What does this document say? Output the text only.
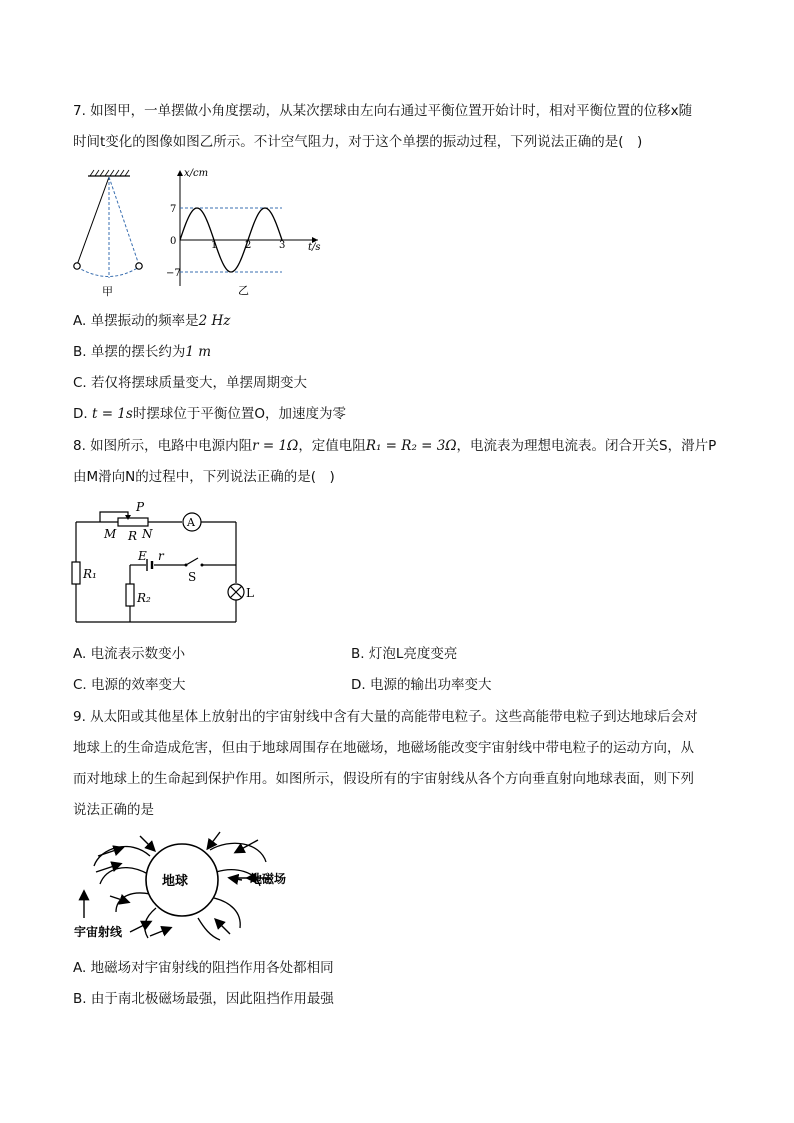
7. 如图甲，一单摆做小角度摆动，从某次摆球由左向右通过平衡位置开始计时，相对平衡位置的位移x随
时间t变化的图像如图乙所示。不计空气阻力，对于这个单摆的振动过程，下列说法正确的是(　)
甲
x/cm
t/s
0	1	2	3
7
−7
乙
A. 单摆振动的频率是2 Hz
B. 单摆的摆长约为1 m
C. 若仅将摆球质量变大，单摆周期变大
D. t = 1s时摆球位于平衡位置O，加速度为零
8. 如图所示，电路中电源内阻r = 1Ω，定值电阻R₁ = R₂ = 3Ω，电流表为理想电流表。闭合开关S，滑片P
由M滑向N的过程中，下列说法正确的是(　)
P
M R N
A
E r
S
L
R₁
R₂
A. 电流表示数变小	B. 灯泡L亮度变亮
C. 电源的效率变大	D. 电源的输出功率变大
9. 从太阳或其他星体上放射出的宇宙射线中含有大量的高能带电粒子。这些高能带电粒子到达地球后会对
地球上的生命造成危害，但由于地球周围存在地磁场，地磁场能改变宇宙射线中带电粒子的运动方向，从
而对地球上的生命起到保护作用。如图所示，假设所有的宇宙射线从各个方向垂直射向地球表面，则下列
说法正确的是
地球	地磁场
宇宙射线
A. 地磁场对宇宙射线的阻挡作用各处都相同
B. 由于南北极磁场最强，因此阻挡作用最强
